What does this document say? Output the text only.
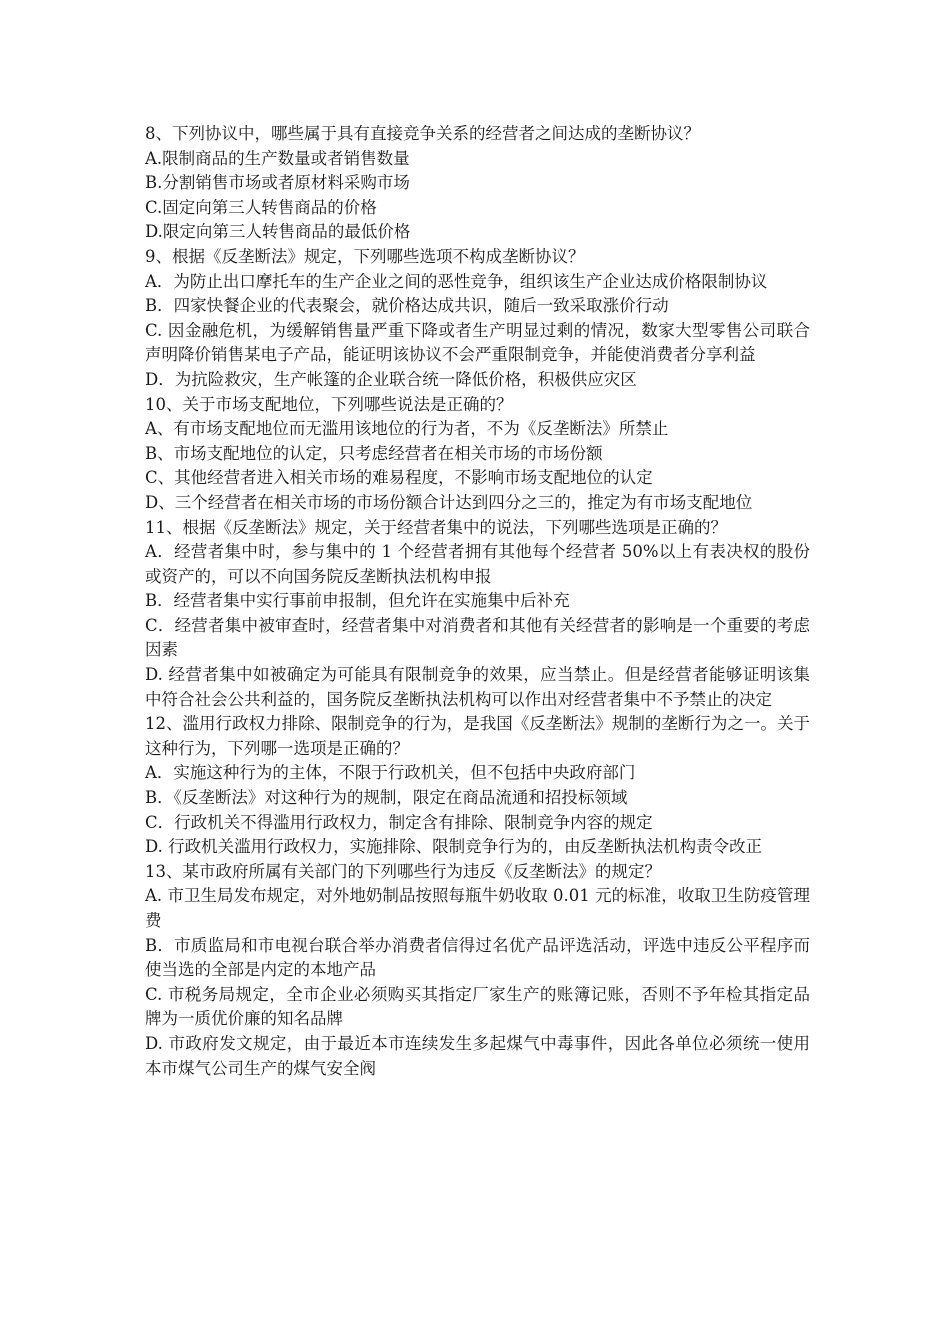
8、下列协议中，哪些属于具有直接竞争关系的经营者之间达成的垄断协议？

A.限制商品的生产数量或者销售数量

B.分割销售市场或者原材料采购市场

C.固定向第三人转售商品的价格

D.限定向第三人转售商品的最低价格

9、根据《反垄断法》规定，下列哪些选项不构成垄断协议？

A．为防止出口摩托车的生产企业之间的恶性竞争，组织该生产企业达成价格限制协议

B．四家快餐企业的代表聚会，就价格达成共识，随后一致采取涨价行动

C. 因金融危机，为缓解销售量严重下降或者生产明显过剩的情况，数家大型零售公司联合声明降价销售某电子产品，能证明该协议不会严重限制竞争，并能使消费者分享利益

D．为抗险救灾，生产帐篷的企业联合统一降低价格，积极供应灾区

10、关于市场支配地位，下列哪些说法是正确的？

A、有市场支配地位而无滥用该地位的行为者，不为《反垄断法》所禁止

B、市场支配地位的认定，只考虑经营者在相关市场的市场份额

C、其他经营者进入相关市场的难易程度，不影响市场支配地位的认定

D、三个经营者在相关市场的市场份额合计达到四分之三的，推定为有市场支配地位

11、根据《反垄断法》规定，关于经营者集中的说法，下列哪些选项是正确的？

A．经营者集中时，参与集中的 1 个经营者拥有其他每个经营者 50%以上有表决权的股份或资产的，可以不向国务院反垄断执法机构申报

B．经营者集中实行事前申报制，但允许在实施集中后补充

C．经营者集中被审查时，经营者集中对消费者和其他有关经营者的影响是一个重要的考虑因素

D. 经营者集中如被确定为可能具有限制竞争的效果，应当禁止。但是经营者能够证明该集中符合社会公共利益的，国务院反垄断执法机构可以作出对经营者集中不予禁止的决定

12、滥用行政权力排除、限制竞争的行为，是我国《反垄断法》规制的垄断行为之一。关于这种行为，下列哪一选项是正确的？

A．实施这种行为的主体，不限于行政机关，但不包括中央政府部门

B．《反垄断法》对这种行为的规制，限定在商品流通和招投标领域

C．行政机关不得滥用行政权力，制定含有排除、限制竞争内容的规定

D. 行政机关滥用行政权力，实施排除、限制竞争行为的，由反垄断执法机构责令改正

13、某市政府所属有关部门的下列哪些行为违反《反垄断法》的规定？

A. 市卫生局发布规定，对外地奶制品按照每瓶牛奶收取 0.01 元的标准，收取卫生防疫管理费

B．市质监局和市电视台联合举办消费者信得过名优产品评选活动，评选中违反公平程序而使当选的全部是内定的本地产品

C. 市税务局规定，全市企业必须购买其指定厂家生产的账簿记账，否则不予年检其指定品牌为一质优价廉的知名品牌

D. 市政府发文规定，由于最近本市连续发生多起煤气中毒事件，因此各单位必须统一使用本市煤气公司生产的煤气安全阀
